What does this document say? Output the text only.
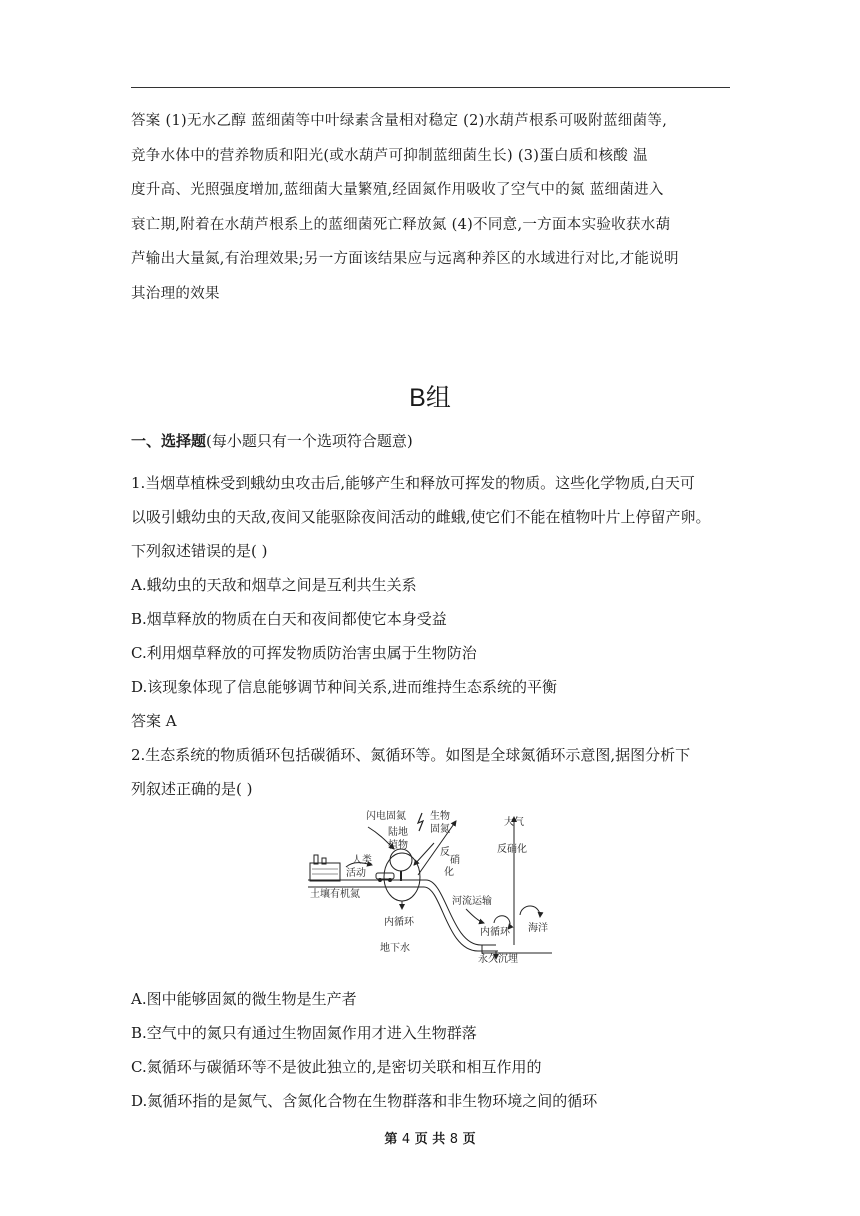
答案 (1)无水乙醇 蓝细菌等中叶绿素含量相对稳定 (2)水葫芦根系可吸附蓝细菌等,
竞争水体中的营养物质和阳光(或水葫芦可抑制蓝细菌生长) (3)蛋白质和核酸 温
度升高、光照强度增加,蓝细菌大量繁殖,经固氮作用吸收了空气中的氮 蓝细菌进入
衰亡期,附着在水葫芦根系上的蓝细菌死亡释放氮 (4)不同意,一方面本实验收获水葫
芦输出大量氮,有治理效果;另一方面该结果应与远离种养区的水域进行对比,才能说明
其治理的效果
B组
一、选择题(每小题只有一个选项符合题意)
1.当烟草植株受到蛾幼虫攻击后,能够产生和释放可挥发的物质。这些化学物质,白天可
以吸引蛾幼虫的天敌,夜间又能驱除夜间活动的雌蛾,使它们不能在植物叶片上停留产卵。
下列叙述错误的是( )
A.蛾幼虫的天敌和烟草之间是互利共生关系
B.烟草释放的物质在白天和夜间都使它本身受益
C.利用烟草释放的可挥发物质防治害虫属于生物防治
D.该现象体现了信息能够调节种间关系,进而维持生态系统的平衡
答案 A
2.生态系统的物质循环包括碳循环、氮循环等。如图是全球氮循环示意图,据图分析下
列叙述正确的是( )
闪电固氮 生物
固氮
陆地
植物
人类
活动
反
硝
化
大气
反硝化
土壤有机氮
内循环
河流运输
内循环 海洋
地下水
永久沉埋
A.图中能够固氮的微生物是生产者
B.空气中的氮只有通过生物固氮作用才进入生物群落
C.氮循环与碳循环等不是彼此独立的,是密切关联和相互作用的
D.氮循环指的是氮气、含氮化合物在生物群落和非生物环境之间的循环
第 4 页 共 8 页
